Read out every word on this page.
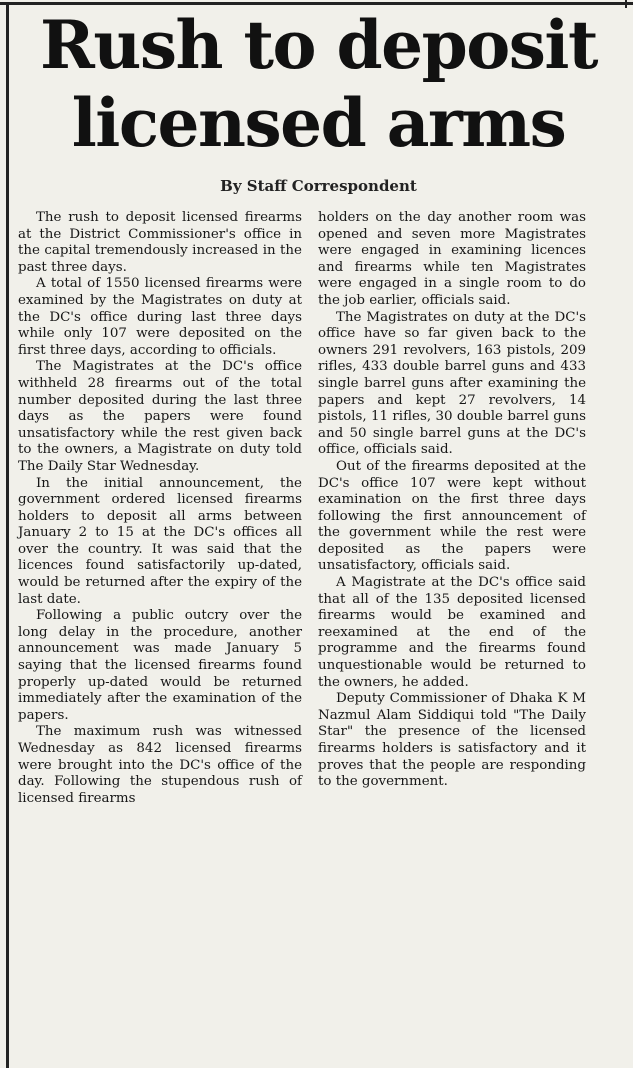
Rush to deposit
licensed arms
By Staff Correspondent

The rush to deposit licensed firearms at the District Commissioner's office in the capital tremendously increased in the past three days.

A total of 1550 licensed firearms were examined by the Magistrates on duty at the DC's office during last three days while only 107 were deposited on the first three days, according to officials.

The Magistrates at the DC's office withheld 28 firearms out of the total number deposited during the last three days as the papers were found unsatisfactory while the rest given back to the owners, a Magistrate on duty told The Daily Star Wednesday.

In the initial announcement, the government ordered licensed firearms holders to deposit all arms between January 2 to 15 at the DC's offices all over the country. It was said that the licences found satisfactorily up-dated, would be returned after the expiry of the last date.

Following a public outcry over the long delay in the procedure, another announcement was made January 5 saying that the licensed firearms found properly up-dated would be returned immediately after the examination of the papers.

The maximum rush was witnessed Wednesday as 842 licensed firearms were brought into the DC's office of the day. Following the stupendous rush of licensed firearms

holders on the day another room was opened and seven more Magistrates were engaged in examining licences and firearms while ten Magistrates were engaged in a single room to do the job earlier, officials said.

The Magistrates on duty at the DC's office have so far given back to the owners 291 revolvers, 163 pistols, 209 rifles, 433 double barrel guns and 433 single barrel guns after examining the papers and kept 27 revolvers, 14 pistols, 11 rifles, 30 double barrel guns and 50 single barrel guns at the DC's office, officials said.

Out of the firearms deposited at the DC's office 107 were kept without examination on the first three days following the first announcement of the government while the rest were deposited as the papers were unsatisfactory, officials said.

A Magistrate at the DC's office said that all of the 135 deposited licensed firearms would be examined and reexamined at the end of the programme and the firearms found unquestionable would be returned to the owners, he added.

Deputy Commissioner of Dhaka K M Nazmul Alam Siddiqui told "The Daily Star" the presence of the licensed firearms holders is satisfactory and it proves that the people are responding to the government.
